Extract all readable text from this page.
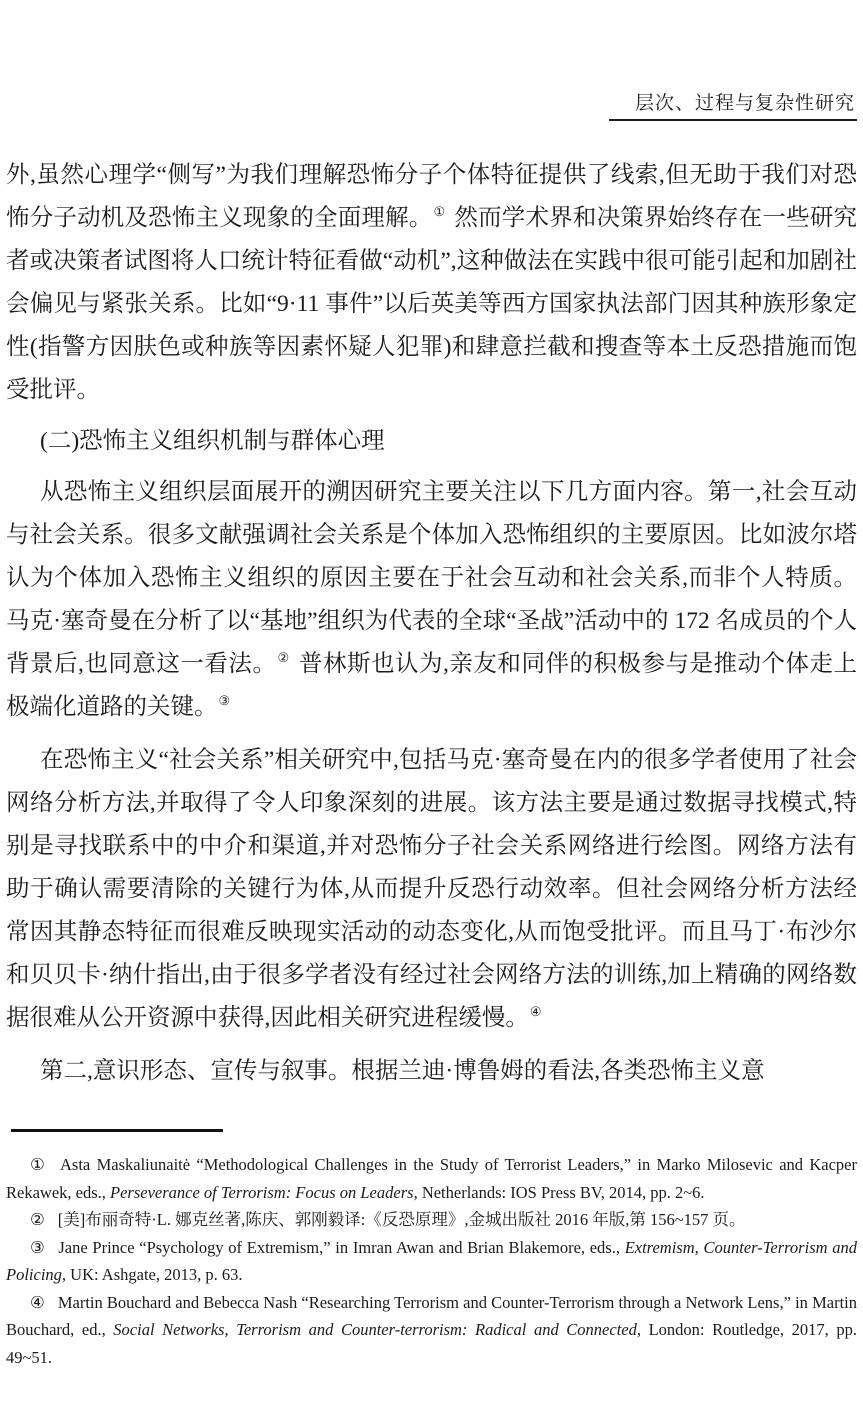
层次、过程与复杂性研究

外,虽然心理学“侧写”为我们理解恐怖分子个体特征提供了线索,但无助于我们对恐怖分子动机及恐怖主义现象的全面理解。① 然而学术界和决策界始终存在一些研究者或决策者试图将人口统计特征看做“动机”,这种做法在实践中很可能引起和加剧社会偏见与紧张关系。比如“9·11 事件”以后英美等西方国家执法部门因其种族形象定性(指警方因肤色或种族等因素怀疑人犯罪)和肆意拦截和搜查等本土反恐措施而饱受批评。

(二)恐怖主义组织机制与群体心理

从恐怖主义组织层面展开的溯因研究主要关注以下几方面内容。第一,社会互动与社会关系。很多文献强调社会关系是个体加入恐怖组织的主要原因。比如波尔塔认为个体加入恐怖主义组织的原因主要在于社会互动和社会关系,而非个人特质。马克·塞奇曼在分析了以“基地”组织为代表的全球“圣战”活动中的 172 名成员的个人背景后,也同意这一看法。② 普林斯也认为,亲友和同伴的积极参与是推动个体走上极端化道路的关键。③

在恐怖主义“社会关系”相关研究中,包括马克·塞奇曼在内的很多学者使用了社会网络分析方法,并取得了令人印象深刻的进展。该方法主要是通过数据寻找模式,特别是寻找联系中的中介和渠道,并对恐怖分子社会关系网络进行绘图。网络方法有助于确认需要清除的关键行为体,从而提升反恐行动效率。但社会网络分析方法经常因其静态特征而很难反映现实活动的动态变化,从而饱受批评。而且马丁·布沙尔和贝贝卡·纳什指出,由于很多学者没有经过社会网络方法的训练,加上精确的网络数据很难从公开资源中获得,因此相关研究进程缓慢。④

第二,意识形态、宣传与叙事。根据兰迪·博鲁姆的看法,各类恐怖主义意

① Asta Maskaliunaitė “Methodological Challenges in the Study of Terrorist Leaders,” in Marko Milosevic and Kacper Rekawek, eds., Perseverance of Terrorism: Focus on Leaders, Netherlands: IOS Press BV, 2014, pp. 2~6.

② [美]布丽奇特·L. 娜克丝著,陈庆、郭刚毅译:《反恐原理》,金城出版社 2016 年版,第 156~157 页。

③ Jane Prince “Psychology of Extremism,” in Imran Awan and Brian Blakemore, eds., Extremism, Counter-Terrorism and Policing, UK: Ashgate, 2013, p. 63.

④ Martin Bouchard and Bebecca Nash “Researching Terrorism and Counter-Terrorism through a Network Lens,” in Martin Bouchard, ed., Social Networks, Terrorism and Counter-terrorism: Radical and Connected, London: Routledge, 2017, pp. 49~51.
